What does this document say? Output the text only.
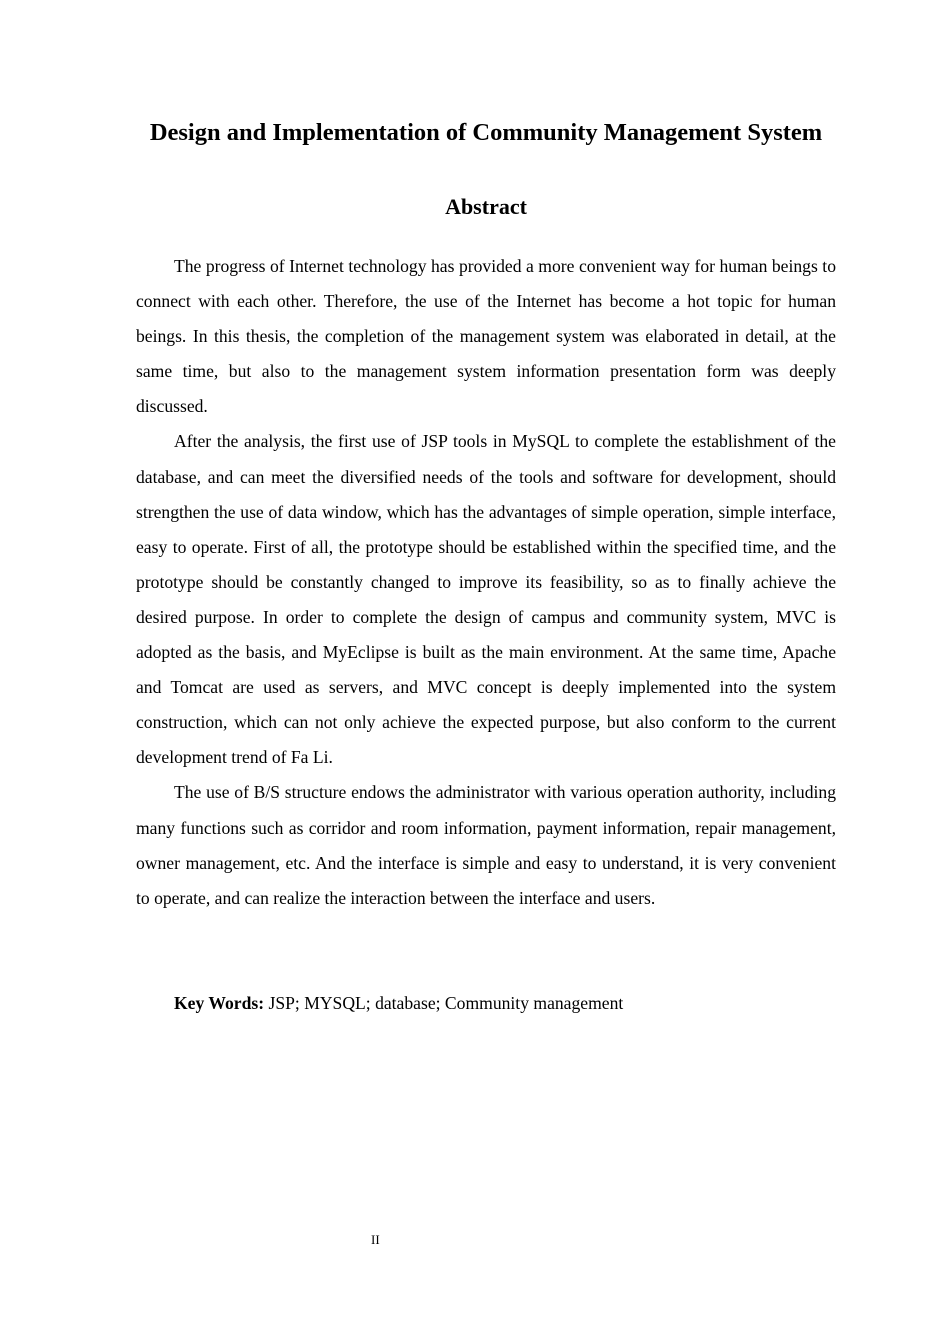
Design and Implementation of Community Management System
Abstract

The progress of Internet technology has provided a more convenient way for human beings to connect with each other. Therefore, the use of the Internet has become a hot topic for human beings. In this thesis, the completion of the management system was elaborated in detail, at the same time, but also to the management system information presentation form was deeply discussed.

After the analysis, the first use of JSP tools in MySQL to complete the establishment of the database, and can meet the diversified needs of the tools and software for development, should strengthen the use of data window, which has the advantages of simple operation, simple interface, easy to operate. First of all, the prototype should be established within the specified time, and the prototype should be constantly changed to improve its feasibility, so as to finally achieve the desired purpose. In order to complete the design of campus and community system, MVC is adopted as the basis, and MyEclipse is built as the main environment. At the same time, Apache and Tomcat are used as servers, and MVC concept is deeply implemented into the system construction, which can not only achieve the expected purpose, but also conform to the current development trend of Fa Li.

The use of B/S structure endows the administrator with various operation authority, including many functions such as corridor and room information, payment information, repair management, owner management, etc. And the interface is simple and easy to understand, it is very convenient to operate, and can realize the interaction between the interface and users.

Key Words: JSP; MYSQL; database; Community management

II
